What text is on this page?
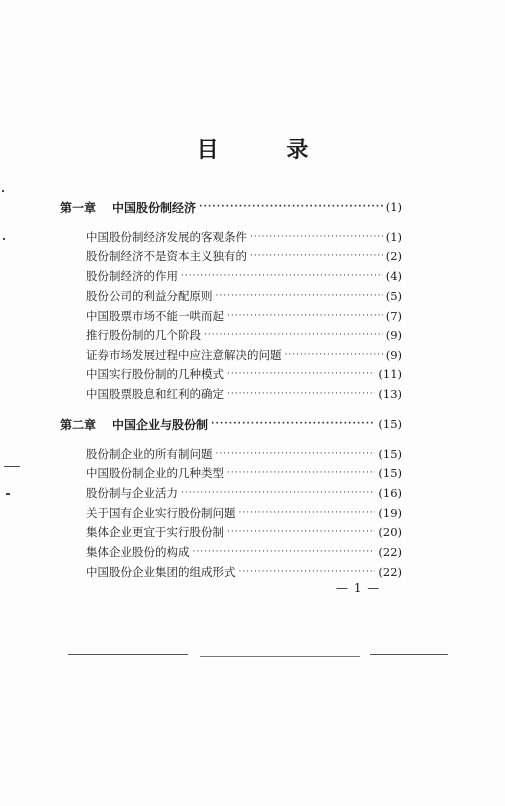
目 录
第一章 中国股份制经济 ·····	(1)
中国股份制经济发展的客观条件 ·····	(1)
股份制经济不是资本主义独有的 ·····	(2)
股份制经济的作用 ·····	(4)
股份公司的利益分配原则 ·····	(5)
中国股票市场不能一哄而起 ·····	(7)
推行股份制的几个阶段 ·····	(9)
证券市场发展过程中应注意解决的问题 ·····	(9)
中国实行股份制的几种模式 ·····	(11)
中国股票股息和红利的确定 ·····	(13)
第二章 中国企业与股份制 ·····	(15)
股份制企业的所有制问题 ·····	(15)
中国股份制企业的几种类型 ·····	(15)
股份制与企业活力 ·····	(16)
关于国有企业实行股份制问题 ·····	(19)
集体企业更宜于实行股份制 ·····	(20)
集体企业股份的构成 ·····	(22)
中国股份企业集团的组成形式 ·····	(22)
— 1 —
